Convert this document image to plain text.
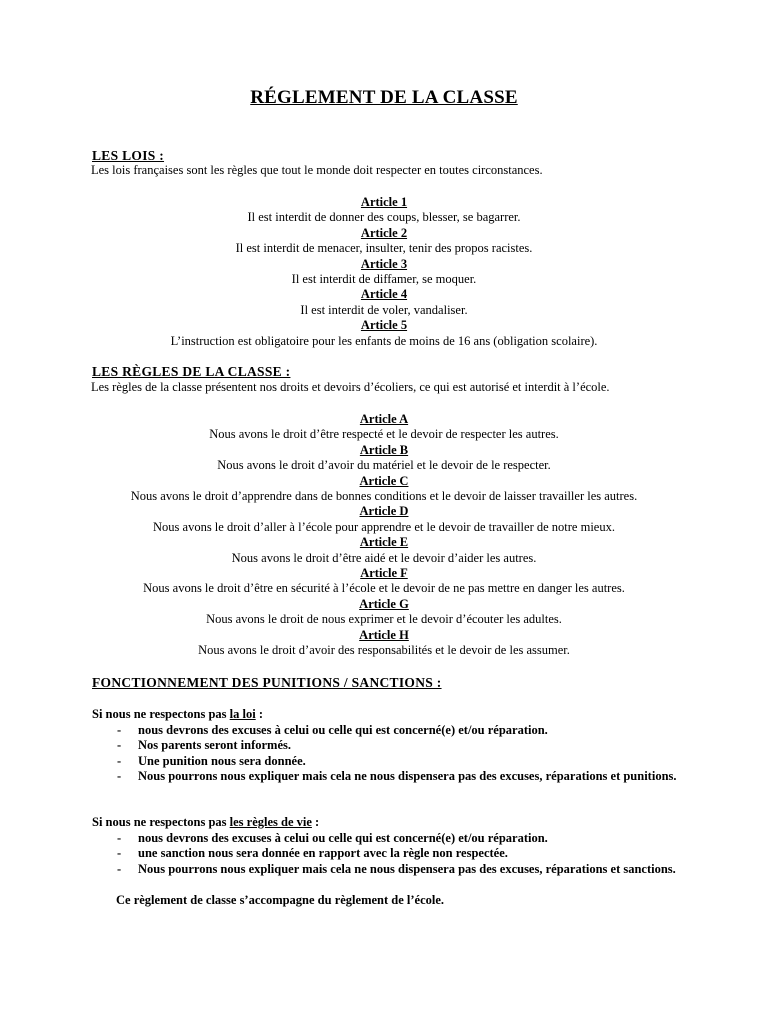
RÉGLEMENT DE LA CLASSE
LES LOIS :
Les lois françaises sont les règles que tout le monde doit respecter en toutes circonstances.
Article 1
Il est interdit de donner des coups, blesser, se bagarrer.
Article 2
Il est interdit de menacer, insulter, tenir des propos racistes.
Article 3
Il est interdit de diffamer, se moquer.
Article 4
Il est interdit de voler, vandaliser.
Article 5
L’instruction est obligatoire pour les enfants de moins de 16 ans (obligation scolaire).
LES RÈGLES DE LA CLASSE :
Les règles de la classe présentent nos droits et devoirs d’écoliers, ce qui est autorisé et interdit à l’école.
Article A
Nous avons le droit d’être respecté et le devoir de respecter les autres.
Article B
Nous avons le droit d’avoir du matériel et le devoir de le respecter.
Article C
Nous avons le droit d’apprendre dans de bonnes conditions et le devoir de laisser travailler les autres.
Article D
Nous avons le droit d’aller à l’école pour apprendre et le devoir de travailler de notre mieux.
Article E
Nous avons le droit d’être aidé et le devoir d’aider les autres.
Article F
Nous avons le droit d’être en sécurité à l’école et le devoir de ne pas mettre en danger les autres.
Article G
Nous avons le droit de nous exprimer et le devoir d’écouter les adultes.
Article H
Nous avons le droit d’avoir des responsabilités et le devoir de les assumer.
FONCTIONNEMENT DES PUNITIONS / SANCTIONS :
Si nous ne respectons pas la loi :
- nous devrons des excuses à celui ou celle qui est concerné(e) et/ou réparation.
- Nos parents seront informés.
- Une punition nous sera donnée.
- Nous pourrons nous expliquer mais cela ne nous dispensera pas des excuses, réparations et punitions.
Si nous ne respectons pas les règles de vie :
- nous devrons des excuses à celui ou celle qui est concerné(e) et/ou réparation.
- une sanction nous sera donnée en rapport avec la règle non respectée.
- Nous pourrons nous expliquer mais cela ne nous dispensera pas des excuses, réparations et sanctions.
Ce règlement de classe s’accompagne du règlement de l’école.
